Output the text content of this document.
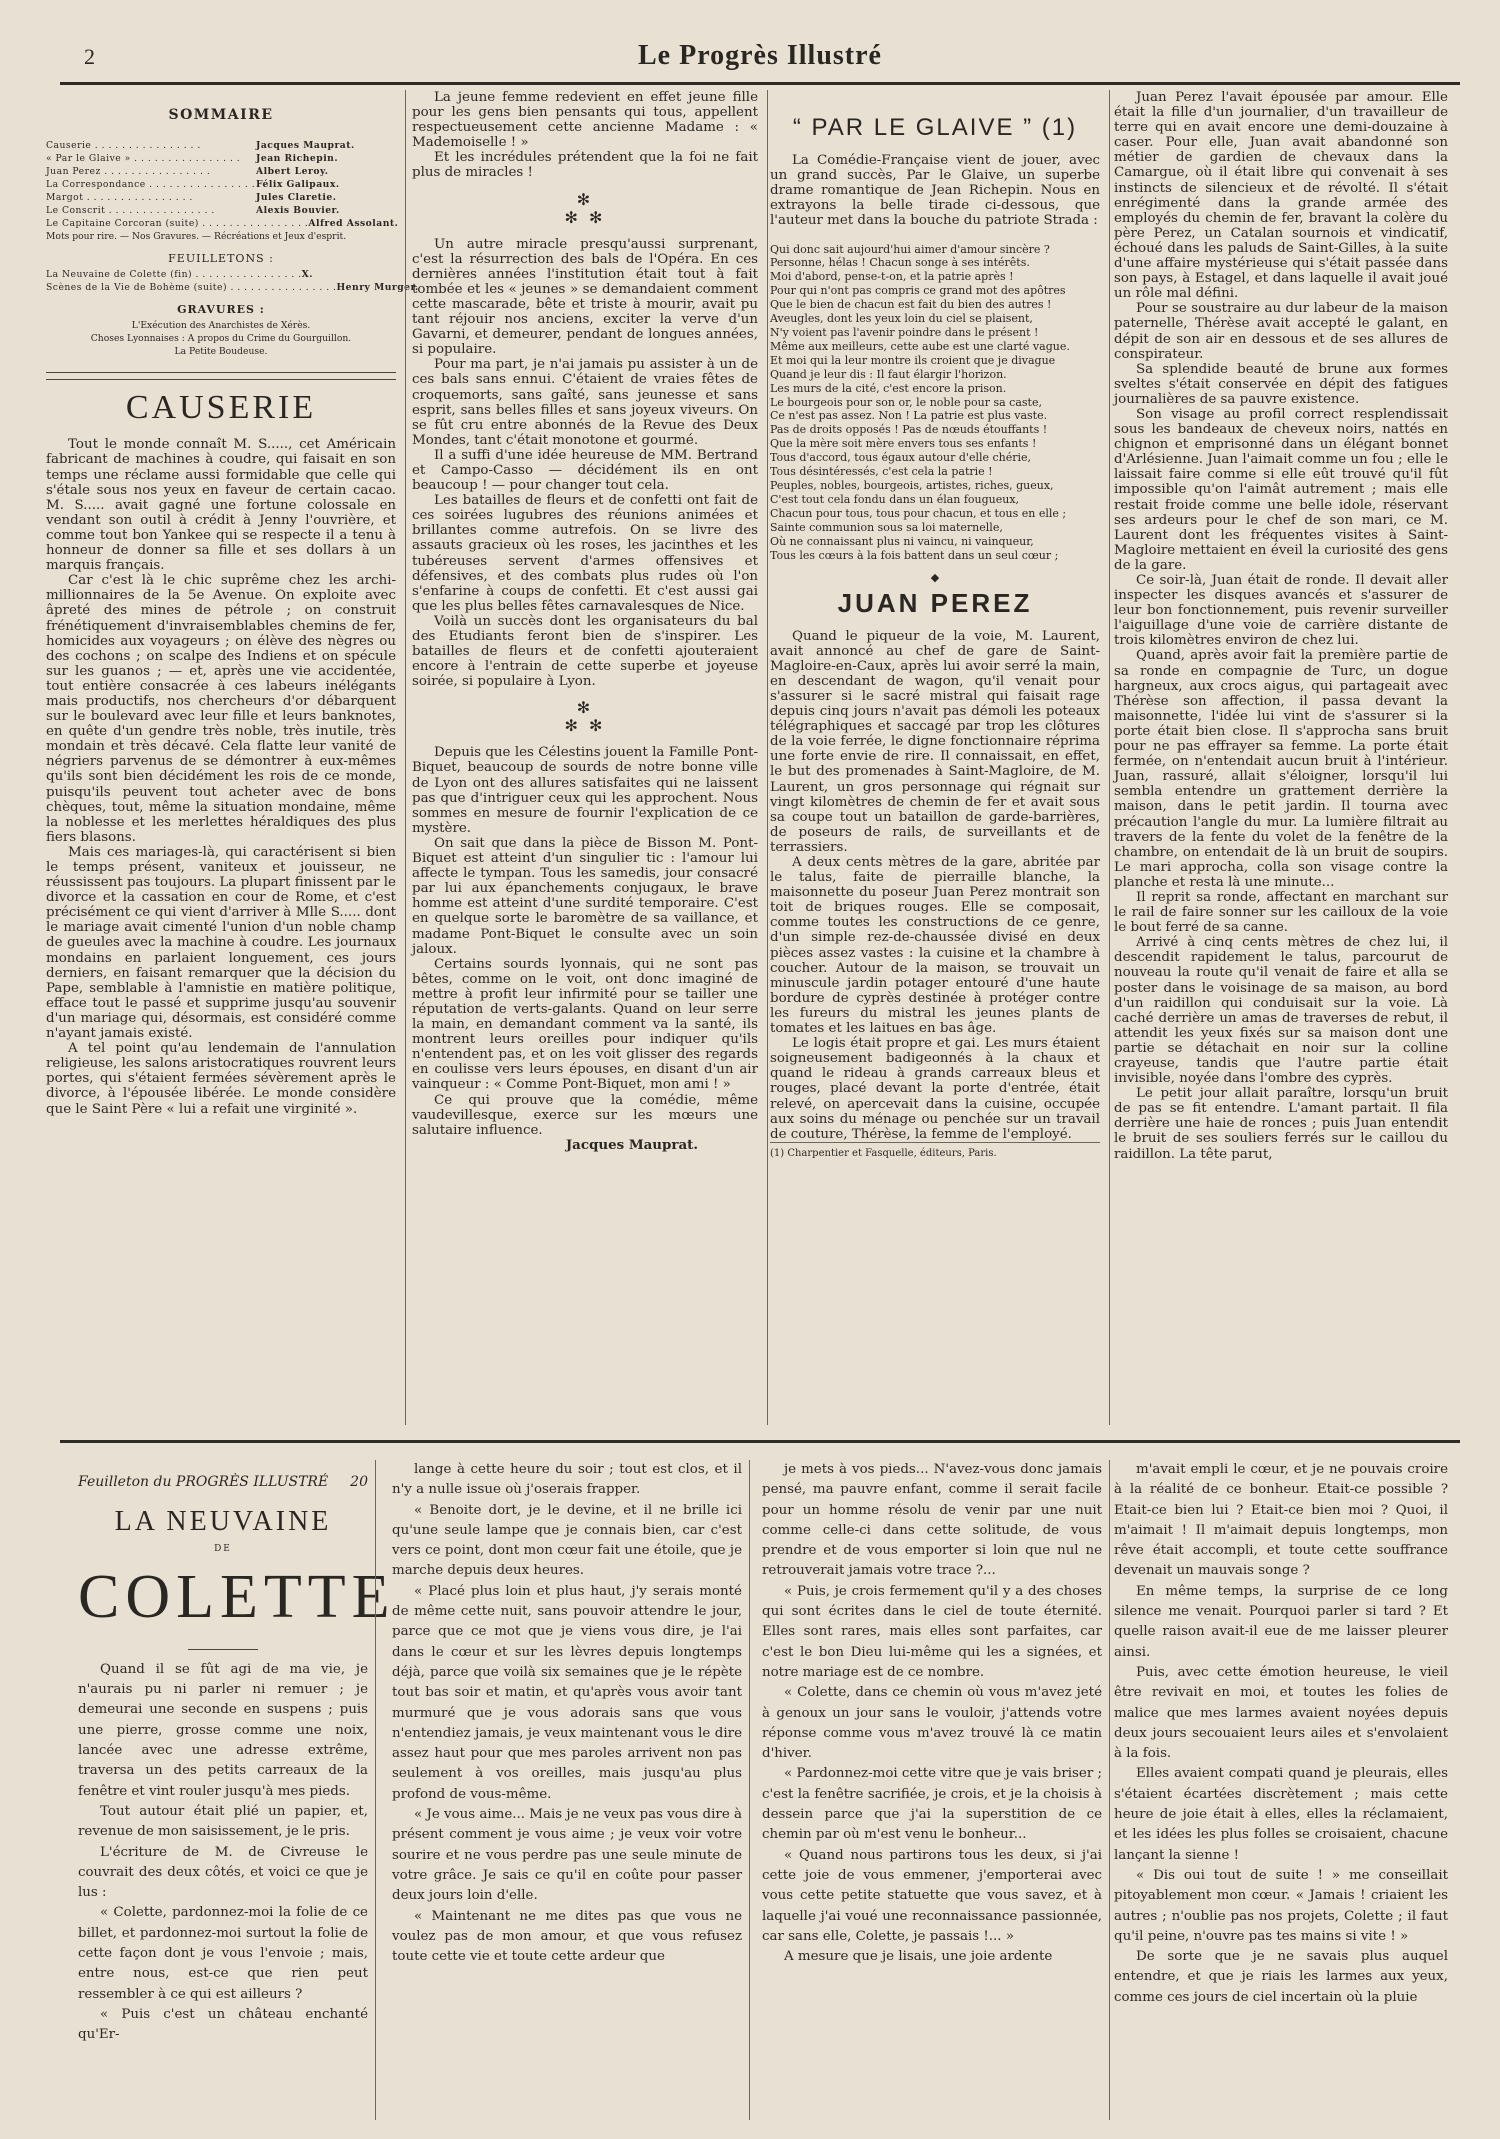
2	Le Progrès Illustré
SOMMAIRE
Causerie . . . . . . . . . . . . . . . .	Jacques Mauprat.
« Par le Glaive » . . . . . . . . . . . . . . . .	Jean Richepin.
Juan Perez . . . . . . . . . . . . . . . .	Albert Leroy.
La Correspondance . . . . . . . . . . . . . . . . Félix Galipaux.
Margot . . . . . . . . . . . . . . . .	Jules Claretie.
Le Conscrit . . . . . . . . . . . . . . . .	Alexis Bouvier.
Le Capitaine Corcoran (suite) . . . . . . . . . . . . . . . . Alfred Assolant.

Mots pour rire. — Nos Gravures. — Récréations et Jeux d'esprit.

FEUILLETONS :
La Neuvaine de Colette (fin) . . . . . . . . . . . . . . . . X.
Scènes de la Vie de Bohème (suite) . . . . . . . . . . . . . . . . Henry Murger.
GRAVURES :

L'Exécution des Anarchistes de Xérès.

Choses Lyonnaises : A propos du Crime du Gourguillon.

La Petite Boudeuse.

CAUSERIE

Tout le monde connaît M. S....., cet Américain fabricant de machines à coudre, qui faisait en son temps une réclame aussi formidable que celle qui s'étale sous nos yeux en faveur de certain cacao. M. S..... avait gagné une fortune colossale en vendant son outil à crédit à Jenny l'ouvrière, et comme tout bon Yankee qui se respecte il a tenu à honneur de donner sa fille et ses dollars à un marquis français.

Car c'est là le chic suprême chez les archi-millionnaires de la 5e Avenue. On exploite avec âpreté des mines de pétrole ; on construit frénétiquement d'invraisemblables chemins de fer, homicides aux voyageurs ; on élève des nègres ou des cochons ; on scalpe des Indiens et on spécule sur les guanos ; — et, après une vie accidentée, tout entière consacrée à ces labeurs inélégants mais productifs, nos chercheurs d'or débarquent sur le boulevard avec leur fille et leurs banknotes, en quête d'un gendre très noble, très inutile, très mondain et très décavé. Cela flatte leur vanité de négriers parvenus de se démontrer à eux-mêmes qu'ils sont bien décidément les rois de ce monde, puisqu'ils peuvent tout acheter avec de bons chèques, tout, même la situation mondaine, même la noblesse et les merlettes héraldiques des plus fiers blasons.

Mais ces mariages-là, qui caractérisent si bien le temps présent, vaniteux et jouisseur, ne réussissent pas toujours. La plupart finissent par le divorce et la cassation en cour de Rome, et c'est précisément ce qui vient d'arriver à Mlle S..... dont le mariage avait cimenté l'union d'un noble champ de gueules avec la machine à coudre. Les journaux mondains en parlaient longuement, ces jours derniers, en faisant remarquer que la décision du Pape, semblable à l'amnistie en matière politique, efface tout le passé et supprime jusqu'au souvenir d'un mariage qui, désormais, est considéré comme n'ayant jamais existé.

A tel point qu'au lendemain de l'annulation religieuse, les salons aristocratiques rouvrent leurs portes, qui s'étaient fermées sévèrement après le divorce, à l'épousée libérée. Le monde considère que le Saint Père « lui a refait une virginité ».

La jeune femme redevient en effet jeune fille pour les gens bien pensants qui tous, appellent respectueusement cette ancienne Madame : « Mademoiselle ! »

Et les incrédules prétendent que la foi ne fait plus de miracles !

✻
✻ ✻

Un autre miracle presqu'aussi surprenant, c'est la résurrection des bals de l'Opéra. En ces dernières années l'institution était tout à fait tombée et les « jeunes » se demandaient comment cette mascarade, bête et triste à mourir, avait pu tant réjouir nos anciens, exciter la verve d'un Gavarni, et demeurer, pendant de longues années, si populaire.

Pour ma part, je n'ai jamais pu assister à un de ces bals sans ennui. C'étaient de vraies fêtes de croquemorts, sans gaîté, sans jeunesse et sans esprit, sans belles filles et sans joyeux viveurs. On se fût cru entre abonnés de la Revue des Deux Mondes, tant c'était monotone et gourmé.

Il a suffi d'une idée heureuse de MM. Bertrand et Campo-Casso — décidément ils en ont beaucoup ! — pour changer tout cela.

Les batailles de fleurs et de confetti ont fait de ces soirées lugubres des réunions animées et brillantes comme autrefois. On se livre des assauts gracieux où les roses, les jacinthes et les tubéreuses servent d'armes offensives et défensives, et des combats plus rudes où l'on s'enfarine à coups de confetti. Et c'est aussi gai que les plus belles fêtes carnavalesques de Nice.

Voilà un succès dont les organisateurs du bal des Etudiants feront bien de s'inspirer. Les batailles de fleurs et de confetti ajouteraient encore à l'entrain de cette superbe et joyeuse soirée, si populaire à Lyon.

✻
✻ ✻

Depuis que les Célestins jouent la Famille Pont-Biquet, beaucoup de sourds de notre bonne ville de Lyon ont des allures satisfaites qui ne laissent pas que d'intriguer ceux qui les approchent. Nous sommes en mesure de fournir l'explication de ce mystère.

On sait que dans la pièce de Bisson M. Pont-Biquet est atteint d'un singulier tic : l'amour lui affecte le tympan. Tous les samedis, jour consacré par lui aux épanchements conjugaux, le brave homme est atteint d'une surdité temporaire. C'est en quelque sorte le baromètre de sa vaillance, et madame Pont-Biquet le consulte avec un soin jaloux.

Certains sourds lyonnais, qui ne sont pas bêtes, comme on le voit, ont donc imaginé de mettre à profit leur infirmité pour se tailler une réputation de verts-galants. Quand on leur serre la main, en demandant comment va la santé, ils montrent leurs oreilles pour indiquer qu'ils n'entendent pas, et on les voit glisser des regards en coulisse vers leurs épouses, en disant d'un air vainqueur : « Comme Pont-Biquet, mon ami ! »

Ce qui prouve que la comédie, même vaudevillesque, exerce sur les mœurs une salutaire influence.

Jacques Mauprat.

“ PAR LE GLAIVE ” (1)

La Comédie-Française vient de jouer, avec un grand succès, Par le Glaive, un superbe drame romantique de Jean Richepin. Nous en extrayons la belle tirade ci-dessous, que l'auteur met dans la bouche du patriote Strada :

Qui donc sait aujourd'hui aimer d'amour sincère ?

Personne, hélas ! Chacun songe à ses intérêts.

Moi d'abord, pense-t-on, et la patrie après !

Pour qui n'ont pas compris ce grand mot des apôtres

Que le bien de chacun est fait du bien des autres !

Aveugles, dont les yeux loin du ciel se plaisent,

N'y voient pas l'avenir poindre dans le présent !

Même aux meilleurs, cette aube est une clarté vague.

Et moi qui la leur montre ils croient que je divague

Quand je leur dis : Il faut élargir l'horizon.

Les murs de la cité, c'est encore la prison.

Le bourgeois pour son or, le noble pour sa caste,

Ce n'est pas assez. Non ! La patrie est plus vaste.

Pas de droits opposés ! Pas de nœuds étouffants !

Que la mère soit mère envers tous ses enfants !

Tous d'accord, tous égaux autour d'elle chérie,

Tous désintéressés, c'est cela la patrie !

Peuples, nobles, bourgeois, artistes, riches, gueux,

C'est tout cela fondu dans un élan fougueux,

Chacun pour tous, tous pour chacun, et tous en elle ;

Sainte communion sous sa loi maternelle,

Où ne connaissant plus ni vaincu, ni vainqueur,

Tous les cœurs à la fois battent dans un seul cœur ;

◆
JUAN PEREZ

Quand le piqueur de la voie, M. Laurent, avait annoncé au chef de gare de Saint-Magloire-en-Caux, après lui avoir serré la main, en descendant de wagon, qu'il venait pour s'assurer si le sacré mistral qui faisait rage depuis cinq jours n'avait pas démoli les poteaux télégraphiques et saccagé par trop les clôtures de la voie ferrée, le digne fonctionnaire réprima une forte envie de rire. Il connaissait, en effet, le but des promenades à Saint-Magloire, de M. Laurent, un gros personnage qui régnait sur vingt kilomètres de chemin de fer et avait sous sa coupe tout un bataillon de garde-barrières, de poseurs de rails, de surveillants et de terrassiers.

A deux cents mètres de la gare, abritée par le talus, faite de pierraille blanche, la maisonnette du poseur Juan Perez montrait son toit de briques rouges. Elle se composait, comme toutes les constructions de ce genre, d'un simple rez-de-chaussée divisé en deux pièces assez vastes : la cuisine et la chambre à coucher. Autour de la maison, se trouvait un minuscule jardin potager entouré d'une haute bordure de cyprès destinée à protéger contre les fureurs du mistral les jeunes plants de tomates et les laitues en bas âge.

Le logis était propre et gai. Les murs étaient soigneusement badigeonnés à la chaux et quand le rideau à grands carreaux bleus et rouges, placé devant la porte d'entrée, était relevé, on apercevait dans la cuisine, occupée aux soins du ménage ou penchée sur un travail de couture, Thérèse, la femme de l'employé.

(1) Charpentier et Fasquelle, éditeurs, Paris.

Juan Perez l'avait épousée par amour. Elle était la fille d'un journalier, d'un travailleur de terre qui en avait encore une demi-douzaine à caser. Pour elle, Juan avait abandonné son métier de gardien de chevaux dans la Camargue, où il était libre qui convenait à ses instincts de silencieux et de révolté. Il s'était enrégimenté dans la grande armée des employés du chemin de fer, bravant la colère du père Perez, un Catalan sournois et vindicatif, échoué dans les paluds de Saint-Gilles, à la suite d'une affaire mystérieuse qui s'était passée dans son pays, à Estagel, et dans laquelle il avait joué un rôle mal défini.

Pour se soustraire au dur labeur de la maison paternelle, Thérèse avait accepté le galant, en dépit de son air en dessous et de ses allures de conspirateur.

Sa splendide beauté de brune aux formes sveltes s'était conservée en dépit des fatigues journalières de sa pauvre existence.

Son visage au profil correct resplendissait sous les bandeaux de cheveux noirs, nattés en chignon et emprisonné dans un élégant bonnet d'Arlésienne. Juan l'aimait comme un fou ; elle le laissait faire comme si elle eût trouvé qu'il fût impossible qu'on l'aimât autrement ; mais elle restait froide comme une belle idole, réservant ses ardeurs pour le chef de son mari, ce M. Laurent dont les fréquentes visites à Saint-Magloire mettaient en éveil la curiosité des gens de la gare.

Ce soir-là, Juan était de ronde. Il devait aller inspecter les disques avancés et s'assurer de leur bon fonctionnement, puis revenir surveiller l'aiguillage d'une voie de carrière distante de trois kilomètres environ de chez lui.

Quand, après avoir fait la première partie de sa ronde en compagnie de Turc, un dogue hargneux, aux crocs aigus, qui partageait avec Thérèse son affection, il passa devant la maisonnette, l'idée lui vint de s'assurer si la porte était bien close. Il s'approcha sans bruit pour ne pas effrayer sa femme. La porte était fermée, on n'entendait aucun bruit à l'intérieur. Juan, rassuré, allait s'éloigner, lorsqu'il lui sembla entendre un grattement derrière la maison, dans le petit jardin. Il tourna avec précaution l'angle du mur. La lumière filtrait au travers de la fente du volet de la fenêtre de la chambre, on entendait de là un bruit de soupirs. Le mari approcha, colla son visage contre la planche et resta là une minute...

Il reprit sa ronde, affectant en marchant sur le rail de faire sonner sur les cailloux de la voie le bout ferré de sa canne.

Arrivé à cinq cents mètres de chez lui, il descendit rapidement le talus, parcourut de nouveau la route qu'il venait de faire et alla se poster dans le voisinage de sa maison, au bord d'un raidillon qui conduisait sur la voie. Là caché derrière un amas de traverses de rebut, il attendit les yeux fixés sur sa maison dont une partie se détachait en noir sur la colline crayeuse, tandis que l'autre partie était invisible, noyée dans l'ombre des cyprès.

Le petit jour allait paraître, lorsqu'un bruit de pas se fit entendre. L'amant partait. Il fila derrière une haie de ronces ; puis Juan entendit le bruit de ses souliers ferrés sur le caillou du raidillon. La tête parut,

Feuilleton du PROGRÈS ILLUSTRÉ 20
LA NEUVAINE
DE
COLETTE

Quand il se fût agi de ma vie, je n'aurais pu ni parler ni remuer ; je demeurai une seconde en suspens ; puis une pierre, grosse comme une noix, lancée avec une adresse extrême, traversa un des petits carreaux de la fenêtre et vint rouler jusqu'à mes pieds.

Tout autour était plié un papier, et, revenue de mon saisissement, je le pris.

L'écriture de M. de Civreuse le couvrait des deux côtés, et voici ce que je lus :

« Colette, pardonnez-moi la folie de ce billet, et pardonnez-moi surtout la folie de cette façon dont je vous l'envoie ; mais, entre nous, est-ce que rien peut ressembler à ce qui est ailleurs ?

« Puis c'est un château enchanté qu'Er-

lange à cette heure du soir ; tout est clos, et il n'y a nulle issue où j'oserais frapper.

« Benoite dort, je le devine, et il ne brille ici qu'une seule lampe que je connais bien, car c'est vers ce point, dont mon cœur fait une étoile, que je marche depuis deux heures.

« Placé plus loin et plus haut, j'y serais monté de même cette nuit, sans pouvoir attendre le jour, parce que ce mot que je viens vous dire, je l'ai dans le cœur et sur les lèvres depuis longtemps déjà, parce que voilà six semaines que je le répète tout bas soir et matin, et qu'après vous avoir tant murmuré que je vous adorais sans que vous n'entendiez jamais, je veux maintenant vous le dire assez haut pour que mes paroles arrivent non pas seulement à vos oreilles, mais jusqu'au plus profond de vous-même.

« Je vous aime... Mais je ne veux pas vous dire à présent comment je vous aime ; je veux voir votre sourire et ne vous perdre pas une seule minute de votre grâce. Je sais ce qu'il en coûte pour passer deux jours loin d'elle.

« Maintenant ne me dites pas que vous ne voulez pas de mon amour, et que vous refusez toute cette vie et toute cette ardeur que

je mets à vos pieds... N'avez-vous donc jamais pensé, ma pauvre enfant, comme il serait facile pour un homme résolu de venir par une nuit comme celle-ci dans cette solitude, de vous prendre et de vous emporter si loin que nul ne retrouverait jamais votre trace ?...

« Puis, je crois fermement qu'il y a des choses qui sont écrites dans le ciel de toute éternité. Elles sont rares, mais elles sont parfaites, car c'est le bon Dieu lui-même qui les a signées, et notre mariage est de ce nombre.

« Colette, dans ce chemin où vous m'avez jeté à genoux un jour sans le vouloir, j'attends votre réponse comme vous m'avez trouvé là ce matin d'hiver.

« Pardonnez-moi cette vitre que je vais briser ; c'est la fenêtre sacrifiée, je crois, et je la choisis à dessein parce que j'ai la superstition de ce chemin par où m'est venu le bonheur...

« Quand nous partirons tous les deux, si j'ai cette joie de vous emmener, j'emporterai avec vous cette petite statuette que vous savez, et à laquelle j'ai voué une reconnaissance passionnée, car sans elle, Colette, je passais !... »

A mesure que je lisais, une joie ardente

m'avait empli le cœur, et je ne pouvais croire à la réalité de ce bonheur. Etait-ce possible ? Etait-ce bien lui ? Etait-ce bien moi ? Quoi, il m'aimait ! Il m'aimait depuis longtemps, mon rêve était accompli, et toute cette souffrance devenait un mauvais songe ?

En même temps, la surprise de ce long silence me venait. Pourquoi parler si tard ? Et quelle raison avait-il eue de me laisser pleurer ainsi.

Puis, avec cette émotion heureuse, le vieil être revivait en moi, et toutes les folies de malice que mes larmes avaient noyées depuis deux jours secouaient leurs ailes et s'envolaient à la fois.

Elles avaient compati quand je pleurais, elles s'étaient écartées discrètement ; mais cette heure de joie était à elles, elles la réclamaient, et les idées les plus folles se croisaient, chacune lançant la sienne !

« Dis oui tout de suite ! » me conseillait pitoyablement mon cœur. « Jamais ! criaient les autres ; n'oublie pas nos projets, Colette ; il faut qu'il peine, n'ouvre pas tes mains si vite ! »

De sorte que je ne savais plus auquel entendre, et que je riais les larmes aux yeux, comme ces jours de ciel incertain où la pluie
